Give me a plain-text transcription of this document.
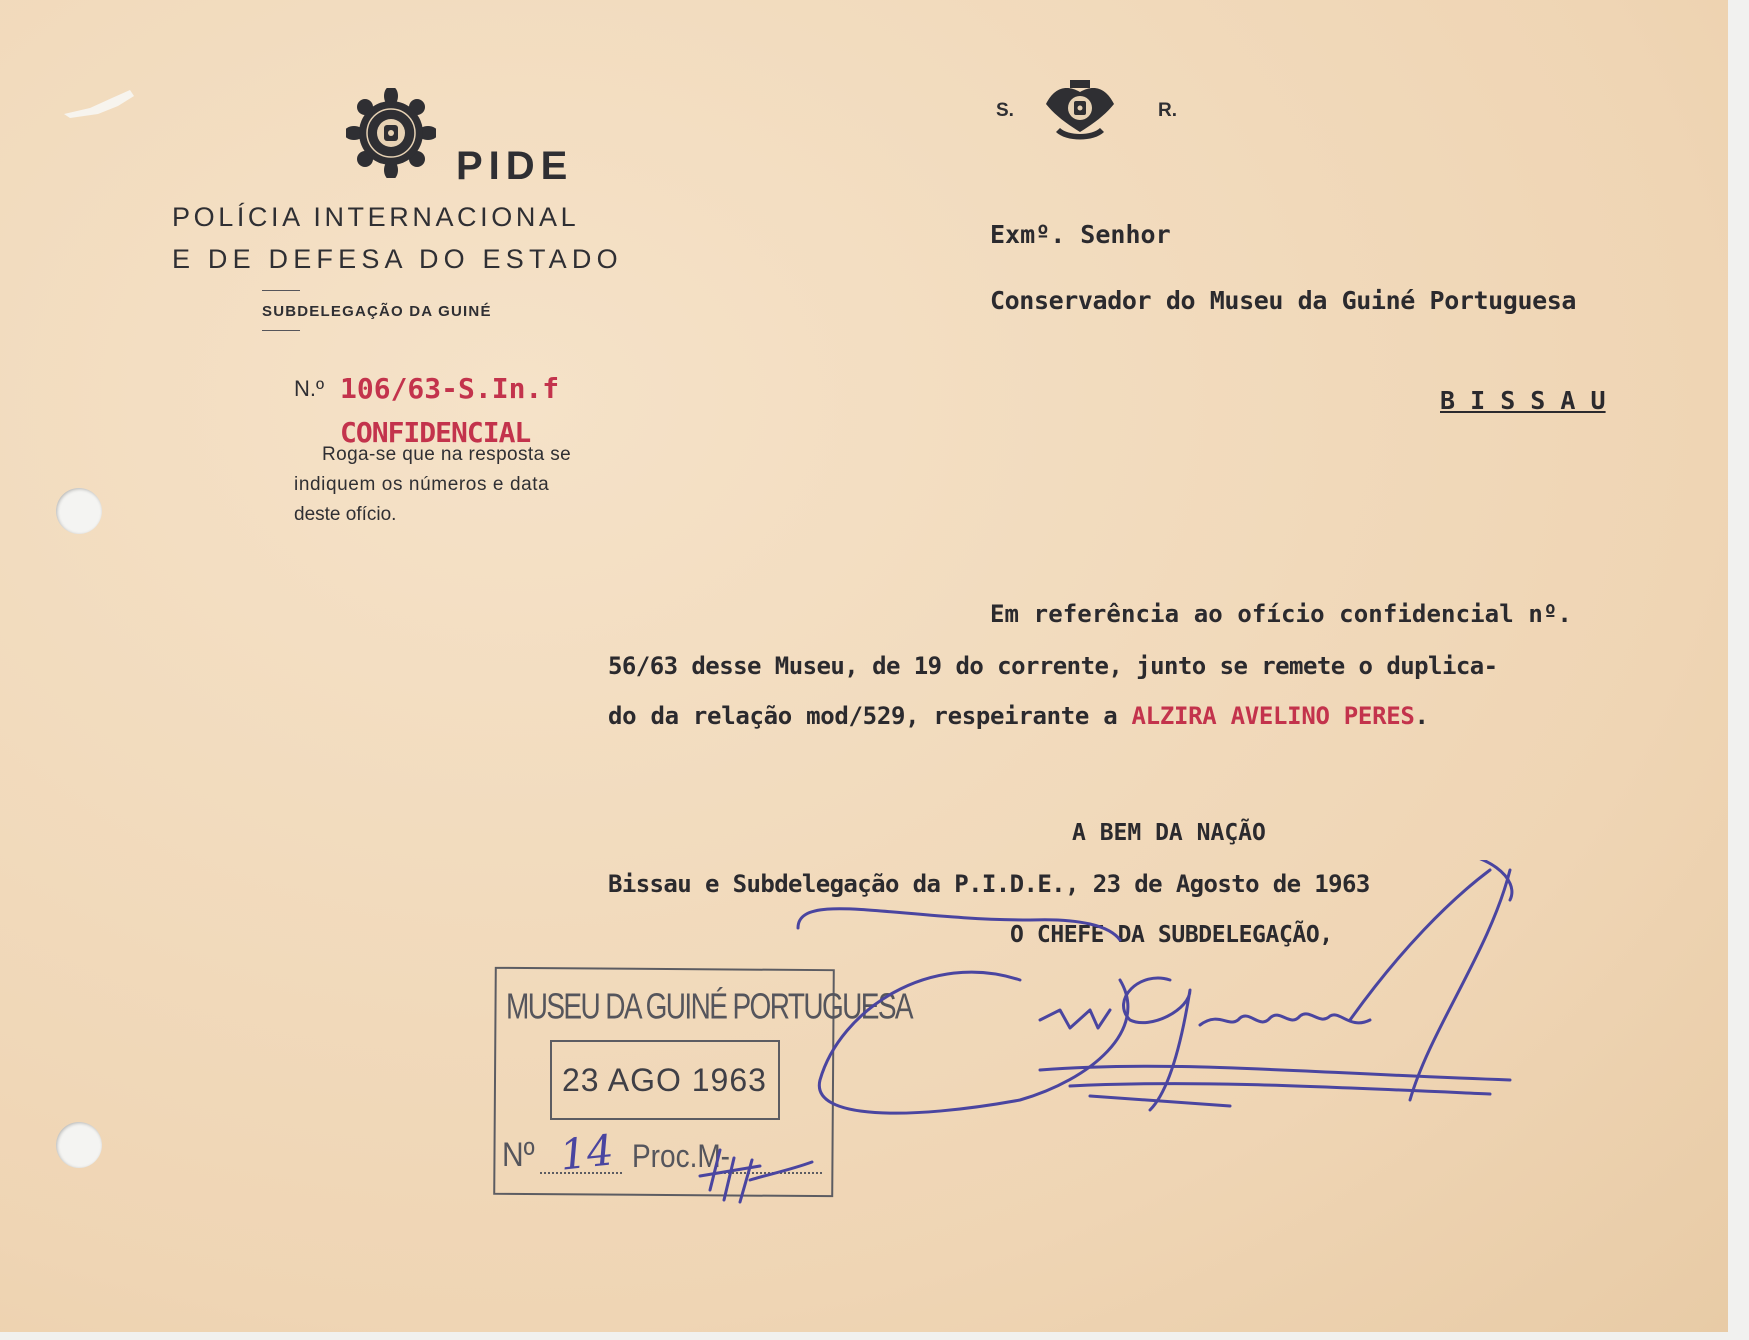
PIDE
POLÍCIA INTERNACIONAL
E DE DEFESA DO ESTADO
SUBDELEGAÇÃO DA GUINÉ
N.º 106/63-S.In.f
CONFIDENCIAL
Roga-se que na resposta se
indiquem os números e data
deste ofício.
S.	R.
Exmº. Senhor
Conservador do Museu da Guiné Portuguesa
B I S S A U
Em referência ao ofício confidencial nº.
56/63 desse Museu, de 19 do corrente, junto se remete o duplica-
do da relação mod/529, respeirante a ALZIRA AVELINO PERES.
A BEM DA NAÇÃO
Bissau e Subdelegação da P.I.D.E., 23 de Agosto de 1963
O CHEFE DA SUBDELEGAÇÃO,
MUSEU DA GUINÉ PORTUGUESA
23 AGO 1963
Nº 14 Proc.M-
